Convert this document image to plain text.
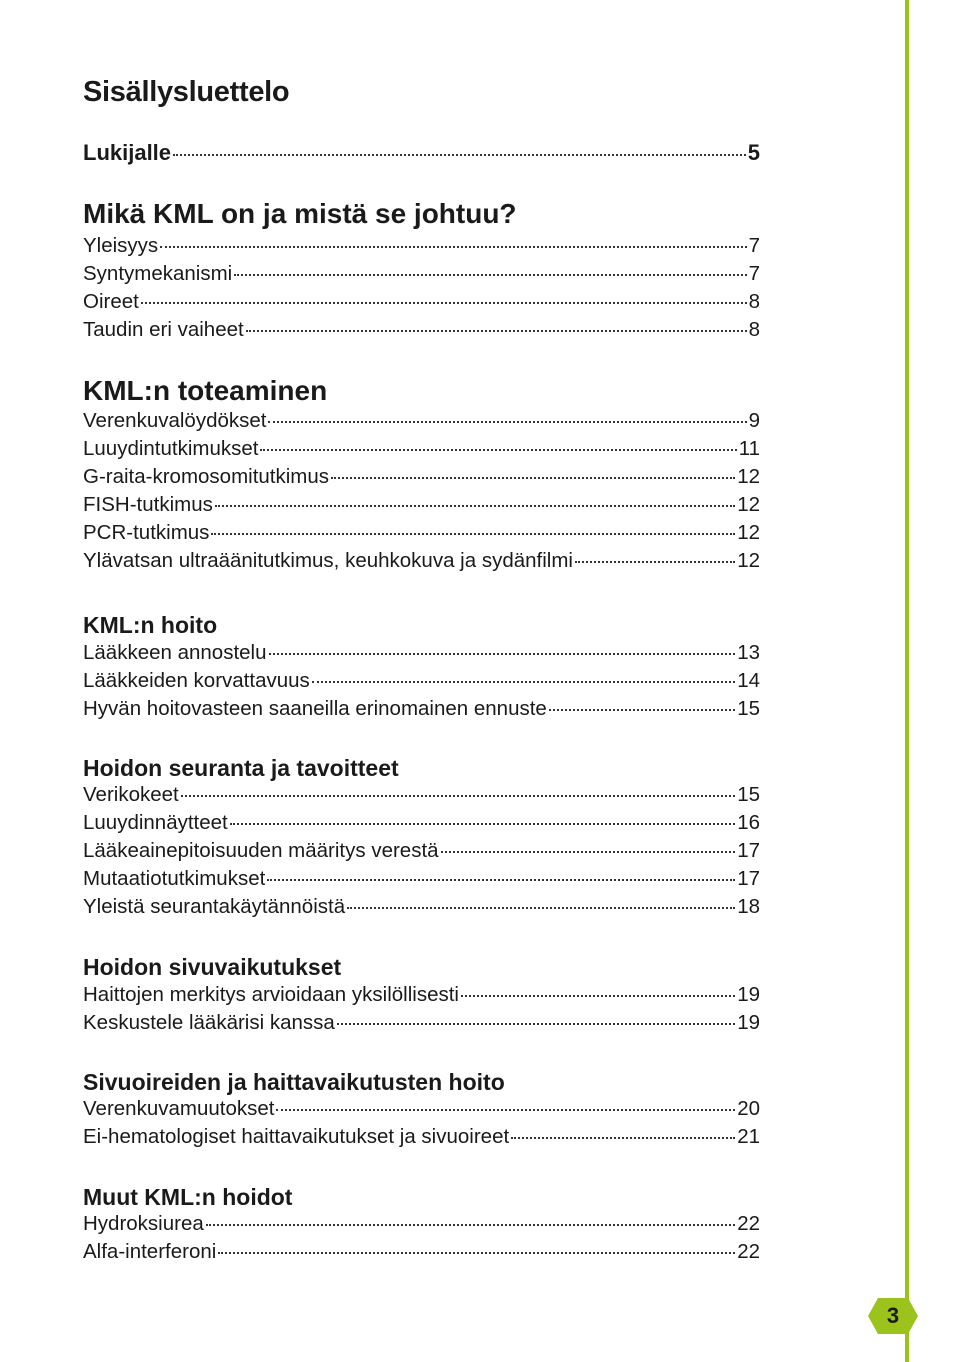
Sisällysluettelo
Lukijalle	5
Mikä KML on ja mistä se johtuu?
Yleisyys	7
Syntymekanismi	7
Oireet	8
Taudin eri vaiheet	8
KML:n toteaminen
Verenkuvalöydökset	9
Luuydintutkimukset	11
G-raita-kromosomitutkimus	12
FISH-tutkimus	12
PCR-tutkimus	12
Ylävatsan ultraäänitutkimus, keuhkokuva ja sydänfilmi	12
KML:n hoito
Lääkkeen annostelu	13
Lääkkeiden korvattavuus	14
Hyvän hoitovasteen saaneilla erinomainen ennuste	15
Hoidon seuranta ja tavoitteet
Verikokeet	15
Luuydinnäytteet	16
Lääkeainepitoisuuden määritys verestä	17
Mutaatiotutkimukset	17
Yleistä seurantakäytännöistä	18
Hoidon sivuvaikutukset
Haittojen merkitys arvioidaan yksilöllisesti	19
Keskustele lääkärisi kanssa	19
Sivuoireiden ja haittavaikutusten hoito
Verenkuvamuutokset	20
Ei-hematologiset haittavaikutukset ja sivuoireet	21
Muut KML:n hoidot
Hydroksiurea	22
Alfa-interferoni	22
3
